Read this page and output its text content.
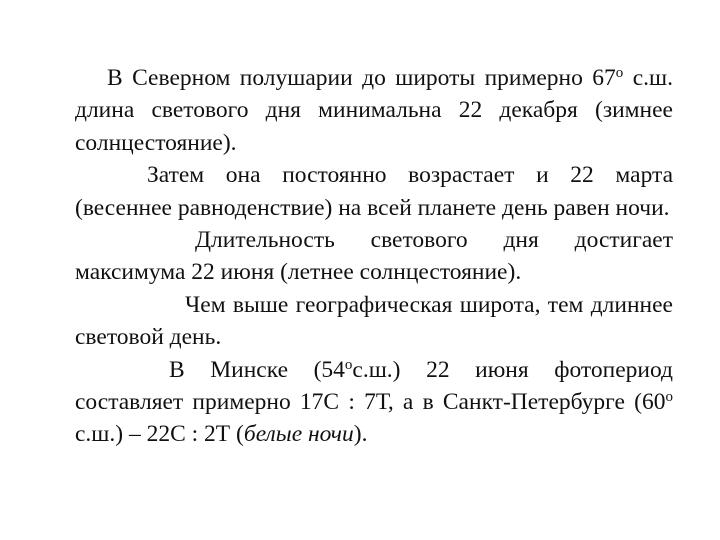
В Северном полушарии до широты примерно $67^о$ с.ш. длина светового дня минимальна 22 декабря (зимнее солнцестояние).

Затем она постоянно возрастает и 22 марта (весеннее равноденствие) на всей планете день равен ночи.

Длительность светового дня достигает максимума 22 июня (летнее солнцестояние).

Чем выше географическая широта, тем длиннее световой день.

В Минске $(54^ос.ш.)$ 22 июня фотопериод составляет примерно 17С : 7Т, а в Санкт-Петербурге ($60^о$ с.ш.) – 22С : 2Т (белые ночи).
